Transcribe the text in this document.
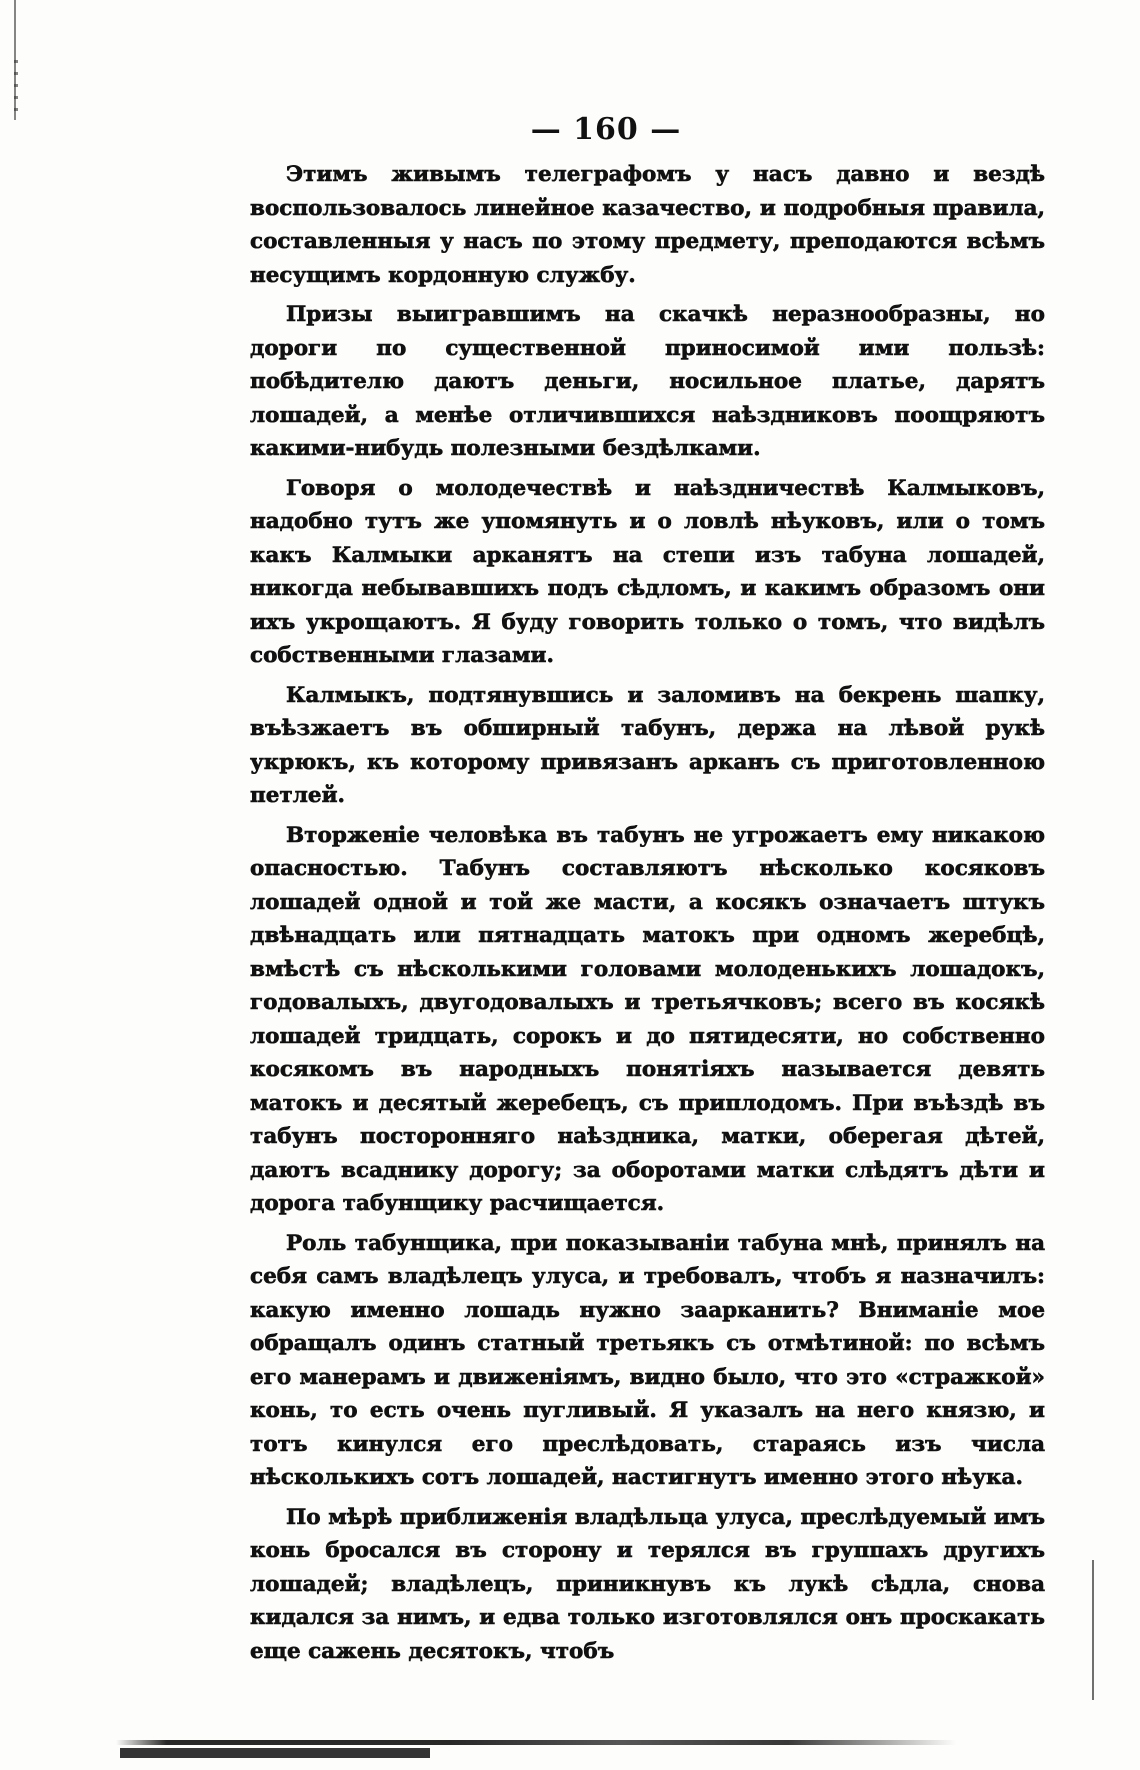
— 160 —

Этимъ живымъ телеграфомъ у насъ давно и вездѣ воспользовалось линейное казачество, и подробныя правила, составленныя у насъ по этому предмету, преподаются всѣмъ несущимъ кордонную службу.

Призы выигравшимъ на скачкѣ неразнообразны, но дороги по существенной приносимой ими пользѣ: побѣдителю даютъ деньги, носильное платье, дарятъ лошадей, а менѣе отличившихся наѣздниковъ поощряютъ какими-нибудь полезными бездѣлками.

Говоря о молодечествѣ и наѣздничествѣ Калмыковъ, надобно тутъ же упомянуть и о ловлѣ нѣуковъ, или о томъ какъ Калмыки арканятъ на степи изъ табуна лошадей, никогда небывавшихъ подъ сѣдломъ, и какимъ образомъ они ихъ укрощаютъ. Я буду говорить только о томъ, что видѣлъ собственными глазами.

Калмыкъ, подтянувшись и заломивъ на бекрень шапку, въѣзжаетъ въ обширный табунъ, держа на лѣвой рукѣ укрюкъ, къ которому привязанъ арканъ съ приготовленною петлей.

Вторженіе человѣка въ табунъ не угрожаетъ ему никакою опасностью. Табунъ составляютъ нѣсколько косяковъ лошадей одной и той же масти, а косякъ означаетъ штукъ двѣнадцать или пятнадцать матокъ при одномъ жеребцѣ, вмѣстѣ съ нѣсколькими головами молоденькихъ лошадокъ, годовалыхъ, двугодовалыхъ и третьячковъ; всего въ косякѣ лошадей тридцать, сорокъ и до пятидесяти, но собственно косякомъ въ народныхъ понятіяхъ называется девять матокъ и десятый жеребецъ, съ приплодомъ. При въѣздѣ въ табунъ посторонняго наѣздника, матки, оберегая дѣтей, даютъ всаднику дорогу; за оборотами матки слѣдятъ дѣти и дорога табунщику расчищается.

Роль табунщика, при показываніи табуна мнѣ, принялъ на себя самъ владѣлецъ улуса, и требовалъ, чтобъ я назначилъ: какую именно лошадь нужно заарканить? Вниманіе мое обращалъ одинъ статный третьякъ съ отмѣтиной: по всѣмъ его манерамъ и движеніямъ, видно было, что это «стражкой» конь, то есть очень пугливый. Я указалъ на него князю, и тотъ кинулся его преслѣдовать, стараясь изъ числа нѣсколькихъ сотъ лошадей, настигнутъ именно этого нѣука.

По мѣрѣ приближенія владѣльца улуса, преслѣдуемый имъ конь бросался въ сторону и терялся въ группахъ другихъ лошадей; владѣлецъ, приникнувъ къ лукѣ сѣдла, снова кидался за нимъ, и едва только изготовлялся онъ проскакать еще сажень десятокъ, чтобъ
